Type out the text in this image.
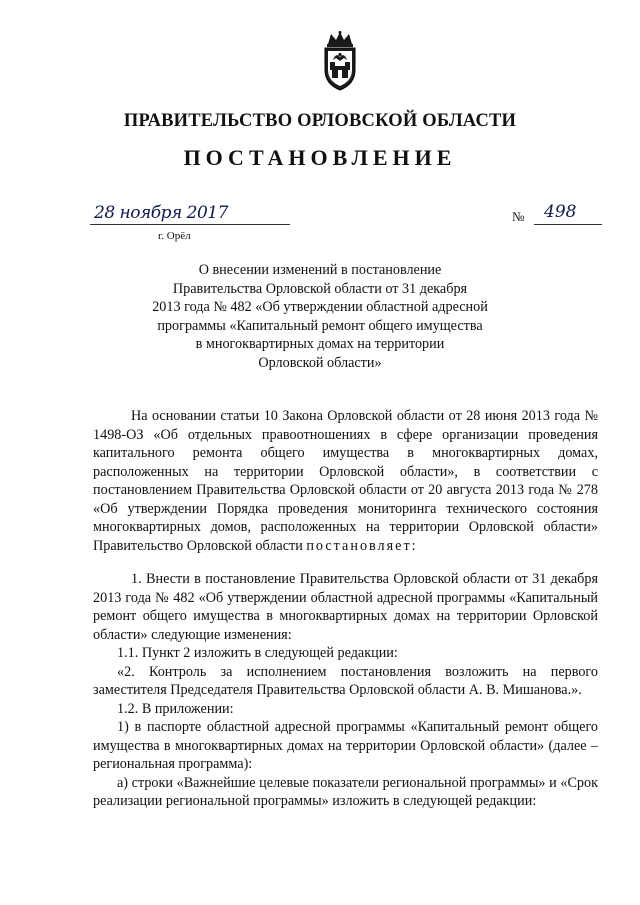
ПРАВИТЕЛЬСТВО ОРЛОВСКОЙ ОБЛАСТИ
ПОСТАНОВЛЕНИЕ
28 ноября 2017
г. Орёл
№ 498
О внесении изменений в постановление
Правительства Орловской области от 31 декабря
2013 года № 482 «Об утверждении областной адресной
программы «Капитальный ремонт общего имущества
в многоквартирных домах на территории
Орловской области»

На основании статьи 10 Закона Орловской области от 28 июня 2013 года № 1498-ОЗ «Об отдельных правоотношениях в сфере организации проведения капитального ремонта общего имущества в многоквартирных домах, расположенных на территории Орловской области», в соответствии с постановлением Правительства Орловской области от 20 августа 2013 года № 278 «Об утверждении Порядка проведения мониторинга технического состояния многоквартирных домов, расположенных на территории Орловской области» Правительство Орловской области постановляет:

1. Внести в постановление Правительства Орловской области от 31 декабря 2013 года № 482 «Об утверждении областной адресной программы «Капитальный ремонт общего имущества в многоквартирных домах на территории Орловской области» следующие изменения:

1.1. Пункт 2 изложить в следующей редакции:

«2. Контроль за исполнением постановления возложить на первого заместителя Председателя Правительства Орловской области А. В. Мишанова.».

1.2. В приложении:

1) в паспорте областной адресной программы «Капитальный ремонт общего имущества в многоквартирных домах на территории Орловской области» (далее – региональная программа):

а) строки «Важнейшие целевые показатели региональной программы» и «Срок реализации региональной программы» изложить в следующей редакции:
